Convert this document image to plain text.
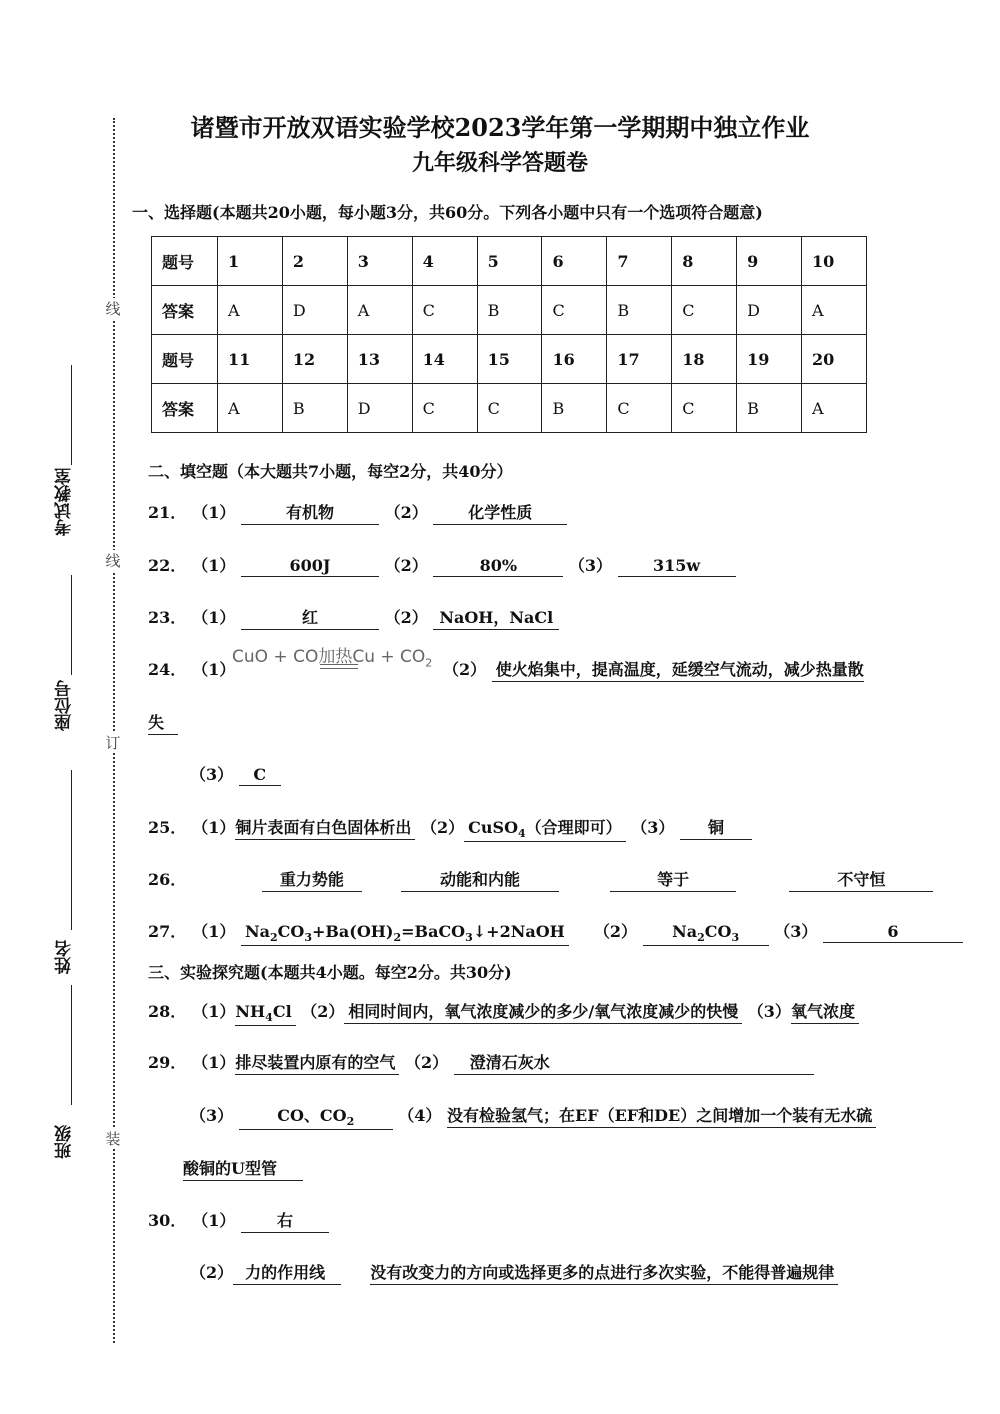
线
线
订
装
考试教室
座位号
姓名
班级
诸暨市开放双语实验学校2023学年第一学期期中独立作业
九年级科学答题卷
一、选择题(本题共20小题，每小题3分，共60分。下列各小题中只有一个选项符合题意)
题号	1	2	3	4	5	6	7	8	9	10
答案	A	D	A	C	B	C	B	C	D	A
题号	11	12	13	14	15	16	17	18	19	20
答案	A	B	D	C	C	B	C	C	B	A
二、填空题（本大题共7小题，每空2分，共40分）
21． （1）	有机物	（2）	化学性质
22． （1）	600J	（2）	80%	（3）	315w
23． （1）	红	（2） NaOH，NaCl
24． （1）
CuO + CO加热$Cu + CO_2$ （2） 使火焰集中，提高温度，延缓空气流动，减少热量散
失
（3） C
25． （1）铜片表面有白色固体析出 （2） CuSO$_4$（合理即可） （3） 铜
26．	重力势能	动能和内能	等于	不守恒
27． （1） $Na_2CO_3+Ba(OH)_2=BaCO_3↓+2NaOH$ （2） $Na_2CO_3$ （3）	6
三、实验探究题(本题共4小题。每空2分。共30分)
28． $(1)NH_4Cl$ （2） 相同时间内，氧气浓度减少的多少/氧气浓度减少的快慢 （3）氧气浓度
29． （1）排尽装置内原有的空气 （2） 澄清石灰水
（3）	CO、$CO_2$	（4） 没有检验氢气；在EF（EF和DE）之间增加一个装有无水硫
酸铜的U型管
30． （1）	右
（2） 力的作用线	没有改变力的方向或选择更多的点进行多次实验，不能得普遍规律
